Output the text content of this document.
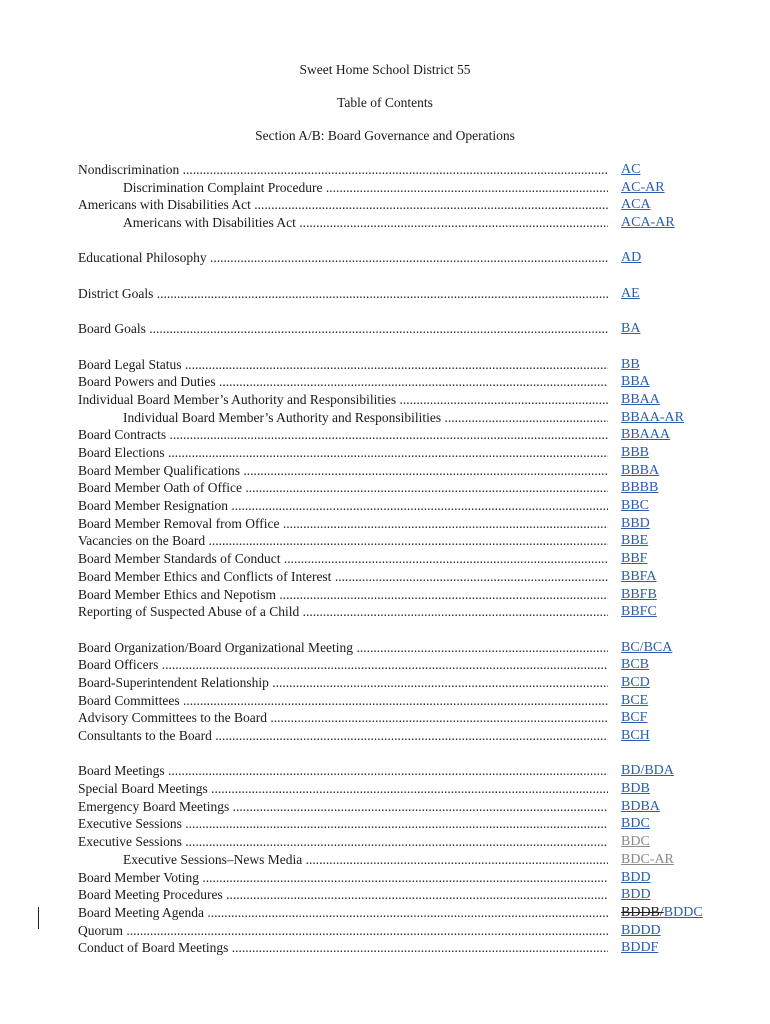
Sweet Home School District 55
Table of Contents
Section A/B: Board Governance and Operations
Nondiscrimination .....	AC
Discrimination Complaint Procedure .....	AC-AR
Americans with Disabilities Act .....	ACA
Americans with Disabilities Act .....	ACA-AR
Educational Philosophy .....	AD
District Goals .....	AE
Board Goals .....	BA
Board Legal Status .....	BB
Board Powers and Duties .....	BBA
Individual Board Member’s Authority and Responsibilities .....	BBAA
Individual Board Member’s Authority and Responsibilities .....	BBAA-AR
Board Contracts .....	BBAAA
Board Elections .....	BBB
Board Member Qualifications .....	BBBA
Board Member Oath of Office .....	BBBB
Board Member Resignation .....	BBC
Board Member Removal from Office .....	BBD
Vacancies on the Board .....	BBE
Board Member Standards of Conduct .....	BBF
Board Member Ethics and Conflicts of Interest .....	BBFA
Board Member Ethics and Nepotism .....	BBFB
Reporting of Suspected Abuse of a Child .....	BBFC
Board Organization/Board Organizational Meeting .....	BC/BCA
Board Officers .....	BCB
Board-Superintendent Relationship .....	BCD
Board Committees .....	BCE
Advisory Committees to the Board .....	BCF
Consultants to the Board .....	BCH
Board Meetings .....	BD/BDA
Special Board Meetings .....	BDB
Emergency Board Meetings .....	BDBA
Executive Sessions .....	BDC
Executive Sessions .....	BDC
Executive Sessions–News Media .....	BDC-AR
Board Member Voting .....	BDD
Board Meeting Procedures .....	BDD
Board Meeting Agenda .....	BDDB/BDDC
Quorum .....	BDDD
Conduct of Board Meetings .....	BDDF
